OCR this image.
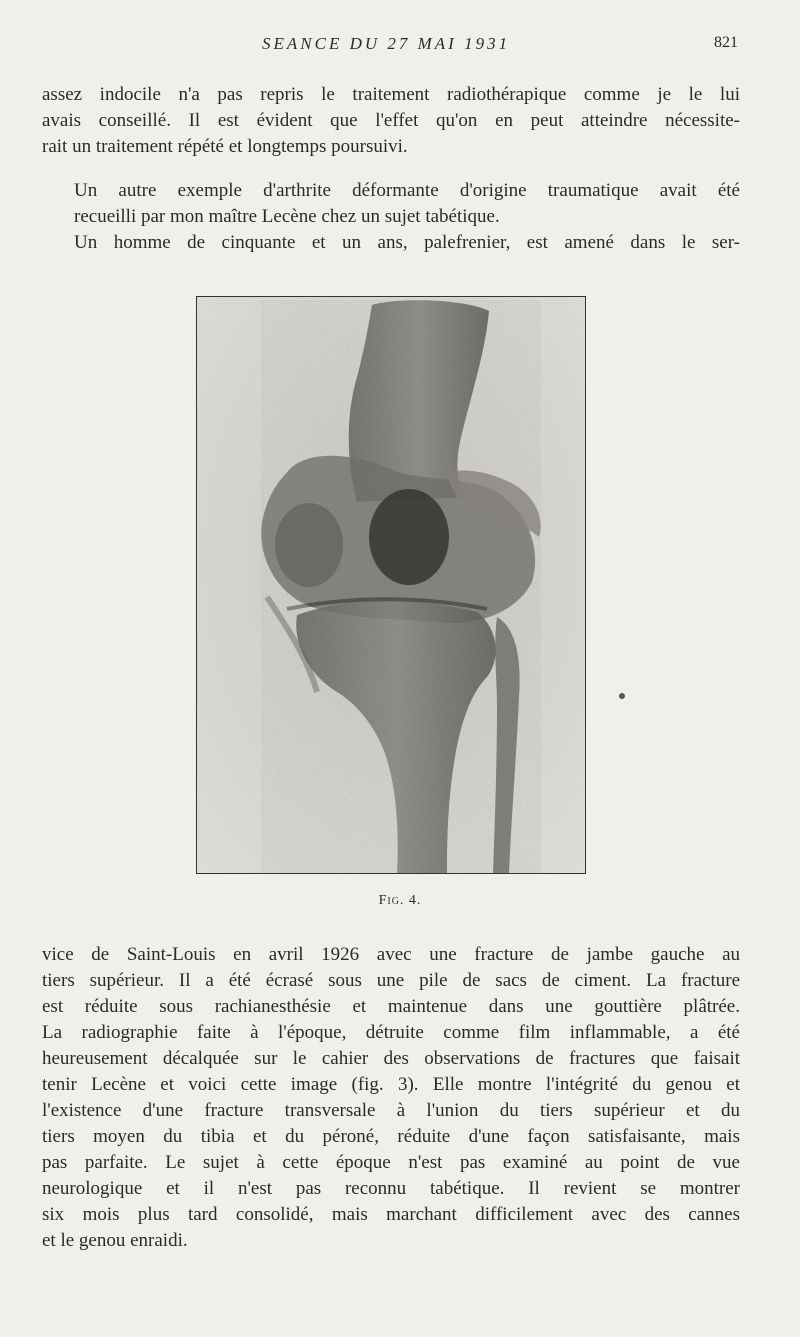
SEANCE DU 27 MAI 1931	821

assez indocile n'a pas repris le traitement radiothérapique comme je le lui
avais conseillé. Il est évident que l'effet qu'on en peut atteindre nécessite-
rait un traitement répété et longtemps poursuivi.

Un autre exemple d'arthrite déformante d'origine traumatique avait été
recueilli par mon maître Lecène chez un sujet tabétique.

Un homme de cinquante et un ans, palefrenier, est amené dans le ser-

Fig. 4.

vice de Saint-Louis en avril 1926 avec une fracture de jambe gauche au
tiers supérieur. Il a été écrasé sous une pile de sacs de ciment. La fracture
est réduite sous rachianesthésie et maintenue dans une gouttière plâtrée.
La radiographie faite à l'époque, détruite comme film inflammable, a été
heureusement décalquée sur le cahier des observations de fractures que faisait
tenir Lecène et voici cette image (fig. 3). Elle montre l'intégrité du genou et
l'existence d'une fracture transversale à l'union du tiers supérieur et du
tiers moyen du tibia et du péroné, réduite d'une façon satisfaisante, mais
pas parfaite. Le sujet à cette époque n'est pas examiné au point de vue
neurologique et il n'est pas reconnu tabétique. Il revient se montrer
six mois plus tard consolidé, mais marchant difficilement avec des cannes
et le genou enraidi.
